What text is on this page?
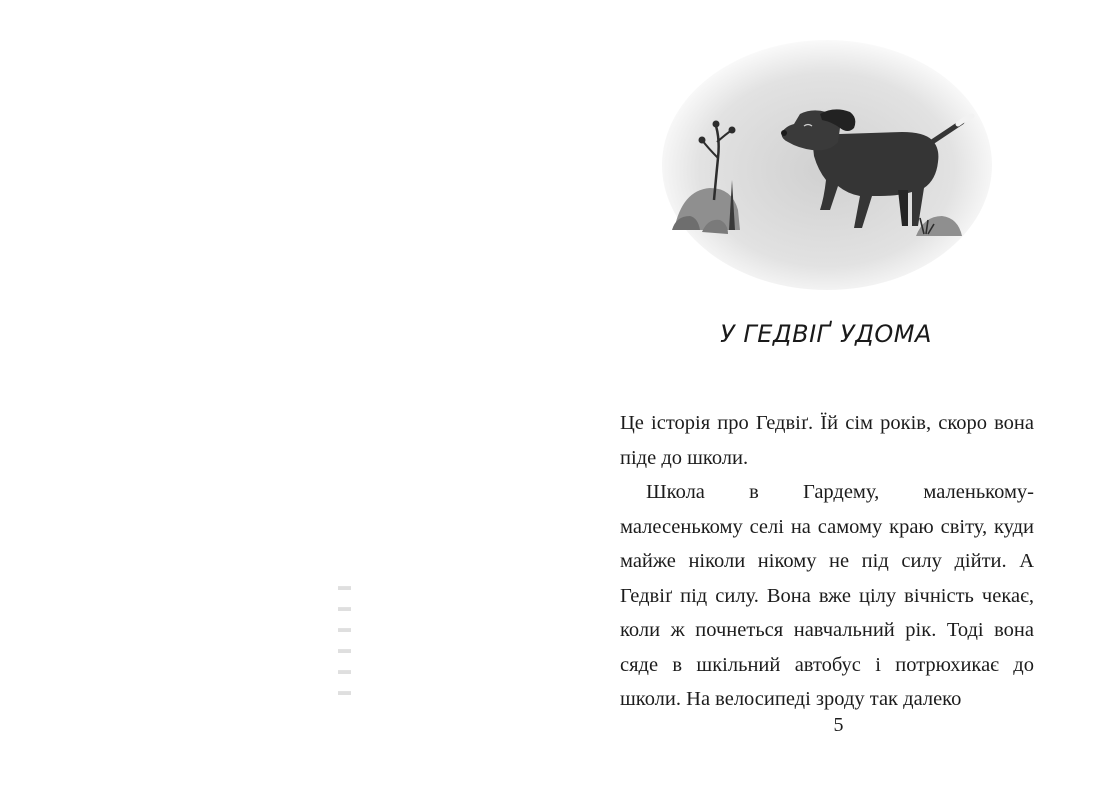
▬
▬
▬
▬
▬
▬
У ГЕДВІҐ УДОМА

Це історія про Гедвіґ. Їй сім років, скоро вона піде до школи.

Школа в Гардему, маленькому-малесенькому селі на самому краю світу, куди майже ніколи нікому не під силу дійти. А Гедвіґ під силу. Вона вже цілу вічність чекає, коли ж почнеться навчальний рік. Тоді вона сяде в шкільний автобус і потрюхикає до школи. На велосипеді зроду так далеко

5
